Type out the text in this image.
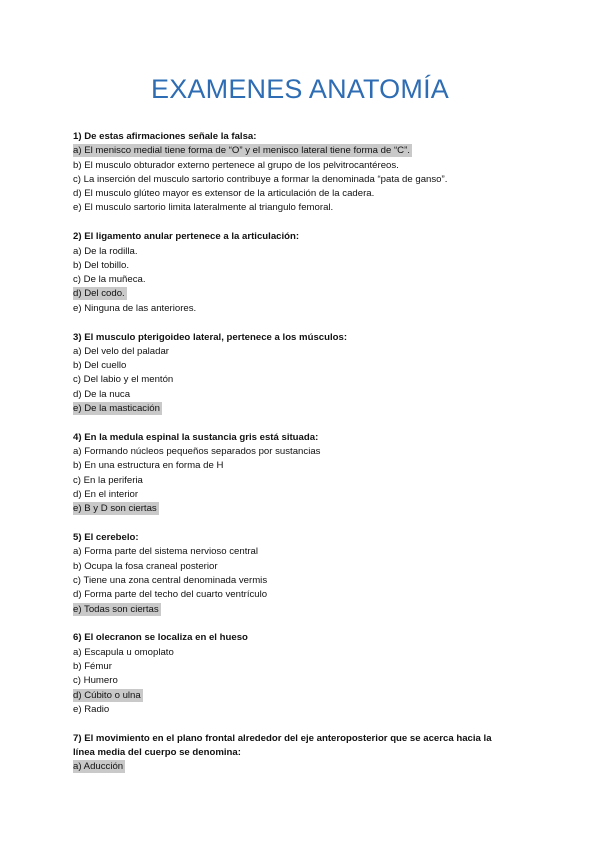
EXAMENES ANATOMÍA
1) De estas afirmaciones señale la falsa:
a) El menisco medial tiene forma de “O” y el menisco lateral tiene forma de “C”.
b) El musculo obturador externo pertenece al grupo de los pelvitrocantéreos.
c) La inserción del musculo sartorio contribuye a formar la denominada “pata de ganso”.
d) El musculo glúteo mayor es extensor de la articulación de la cadera.
e) El musculo sartorio limita lateralmente al triangulo femoral.
2) El ligamento anular pertenece a la articulación:
a) De la rodilla.
b) Del tobillo.
c) De la muñeca.
d) Del codo.
e) Ninguna de las anteriores.
3) El musculo pterigoideo lateral, pertenece a los músculos:
a) Del velo del paladar
b) Del cuello
c) Del labio y el mentón
d) De la nuca
e) De la masticación
4) En la medula espinal la sustancia gris está situada:
a) Formando núcleos pequeños separados por sustancias
b) En una estructura en forma de H
c) En la periferia
d) En el interior
e) B y D son ciertas
5) El cerebelo:
a) Forma parte del sistema nervioso central
b) Ocupa la fosa craneal posterior
c) Tiene una zona central denominada vermis
d) Forma parte del techo del cuarto ventrículo
e) Todas son ciertas
6) El olecranon se localiza en el hueso
a) Escapula u omoplato
b) Fémur
c) Humero
d) Cúbito o ulna
e) Radio
7) El movimiento en el plano frontal alrededor del eje anteroposterior que se acerca hacia la
línea media del cuerpo se denomina:
a) Aducción
